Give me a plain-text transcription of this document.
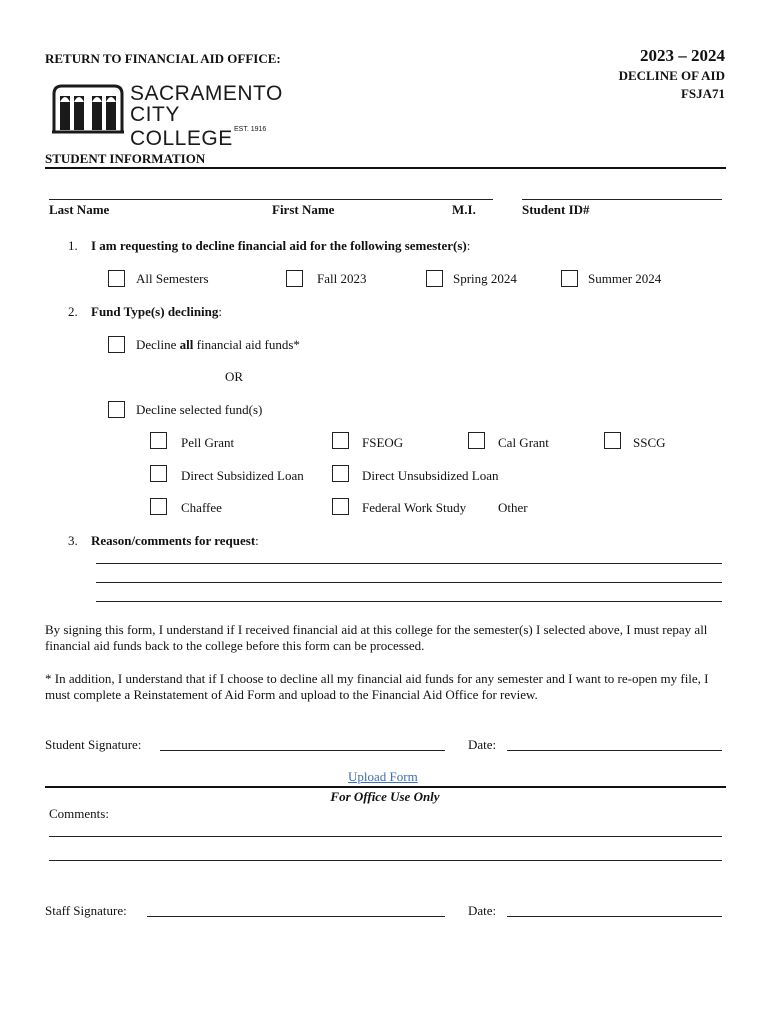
RETURN TO FINANCIAL AID OFFICE:	2023 – 2024
DECLINE OF AID
FSJA71
SACRAMENTO
CITY COLLEGE EST. 1916
STUDENT INFORMATION
Last Name	First Name	M.I.	Student ID#
1. I am requesting to decline financial aid for the following semester(s):
All Semesters	Fall 2023	Spring 2024	Summer 2024
2. Fund Type(s) declining:
Decline all financial aid funds*
OR
Decline selected fund(s)
Pell Grant	FSEOG	Cal Grant	SSCG
Direct Subsidized Loan	Direct Unsubsidized Loan
Chaffee	Federal Work Study Other
3. Reason/comments for request:
By signing this form, I understand if I received financial aid at this college for the semester(s) I selected above, I must repay all financial aid funds back to the college before this form can be processed.
* In addition, I understand that if I choose to decline all my financial aid funds for any semester and I want to re-open my file, I must complete a Reinstatement of Aid Form and upload to the Financial Aid Office for review.
Student Signature:	Date:
Upload Form
For Office Use Only
Comments:
Staff Signature:	Date:
